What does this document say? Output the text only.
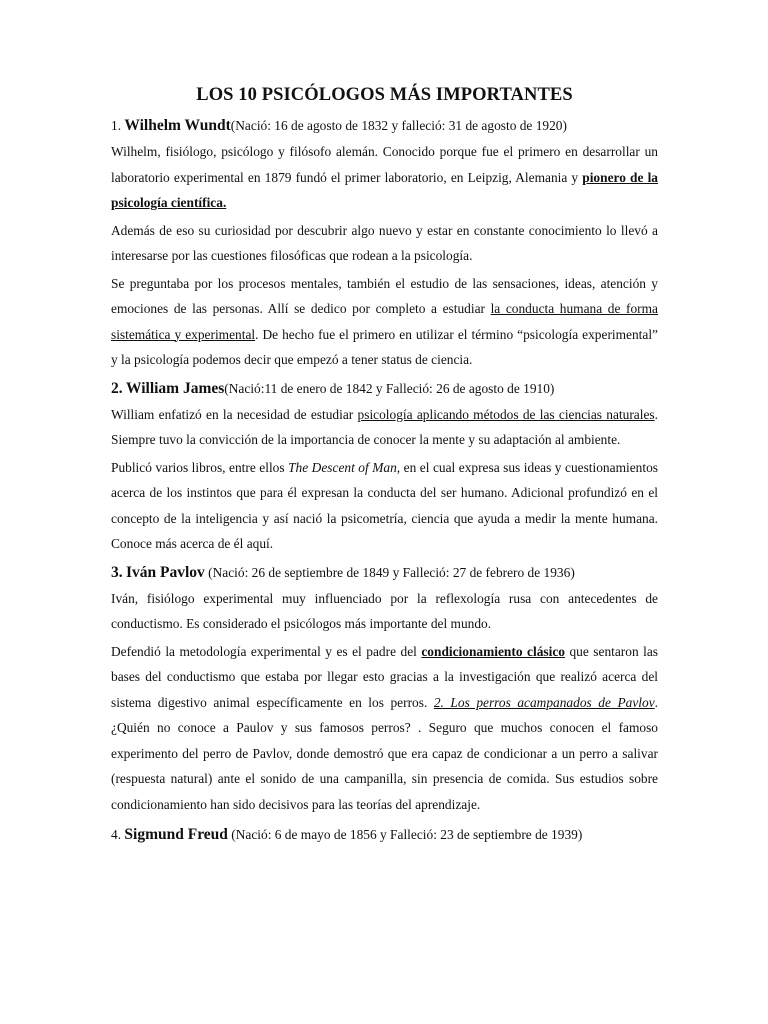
LOS 10 PSICÓLOGOS MÁS IMPORTANTES
1. Wilhelm Wundt(Nació: 16 de agosto de 1832 y falleció: 31 de agosto de 1920)

Wilhelm, fisiólogo, psicólogo y filósofo alemán. Conocido porque fue el primero en desarrollar un laboratorio experimental en 1879 fundó el primer laboratorio, en Leipzig, Alemania y pionero de la psicología científica.

Además de eso su curiosidad por descubrir algo nuevo y estar en constante conocimiento lo llevó a interesarse por las cuestiones filosóficas que rodean a la psicología.

Se preguntaba por los procesos mentales, también el estudio de las sensaciones, ideas, atención y emociones de las personas. Allí se dedico por completo a estudiar la conducta humana de forma sistemática y experimental. De hecho fue el primero en utilizar el término “psicología experimental” y la psicología podemos decir que empezó a tener status de ciencia.

2. William James(Nació:11 de enero de 1842 y Falleció: 26 de agosto de 1910)

William enfatizó en la necesidad de estudiar psicología aplicando métodos de las ciencias naturales. Siempre tuvo la convicción de la importancia de conocer la mente y su adaptación al ambiente.

Publicó varios libros, entre ellos The Descent of Man, en el cual expresa sus ideas y cuestionamientos acerca de los instintos que para él expresan la conducta del ser humano. Adicional profundizó en el concepto de la inteligencia y así nació la psicometría, ciencia que ayuda a medir la mente humana. Conoce más acerca de él aquí.

3. Iván Pavlov (Nació: 26 de septiembre de 1849 y Falleció: 27 de febrero de 1936)

Iván, fisiólogo experimental muy influenciado por la reflexología rusa con antecedentes de conductismo. Es considerado el psicólogos más importante del mundo.

Defendió la metodología experimental y es el padre del condicionamiento clásico que sentaron las bases del conductismo que estaba por llegar esto gracias a la investigación que realizó acerca del sistema digestivo animal específicamente en los perros. 2. Los perros acampanados de Pavlov. ¿Quién no conoce a Paulov y sus famosos perros? . Seguro que muchos conocen el famoso experimento del perro de Pavlov, donde demostró que era capaz de condicionar a un perro a salivar (respuesta natural) ante el sonido de una campanilla, sin presencia de comida. Sus estudios sobre condicionamiento han sido decisivos para las teorías del aprendizaje.

4. Sigmund Freud (Nació: 6 de mayo de 1856 y Falleció: 23 de septiembre de 1939)
